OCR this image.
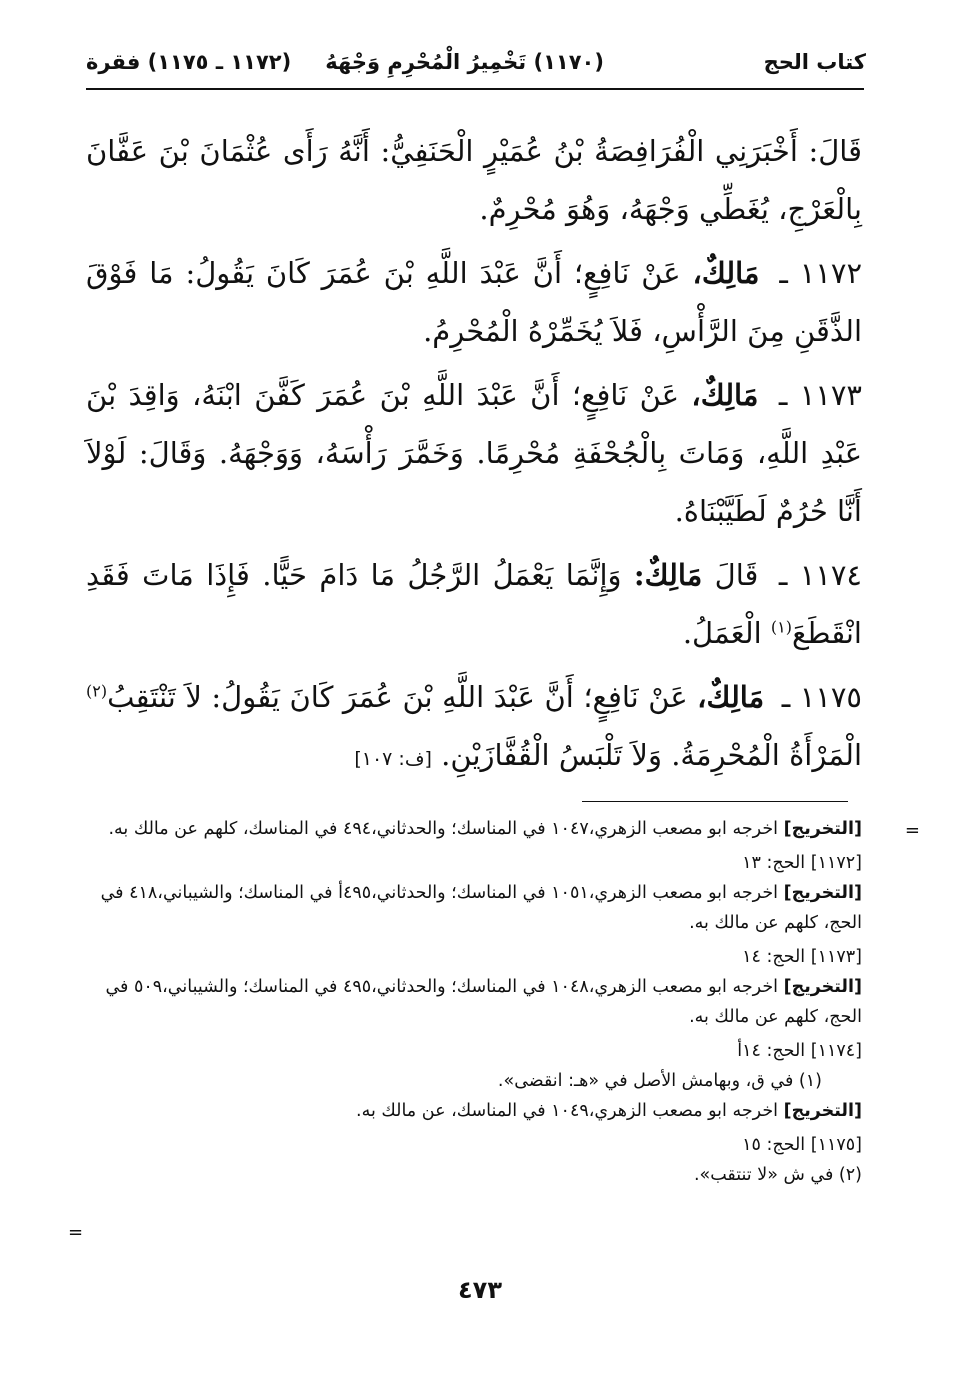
كتاب الحج
(١١٧٠) تَخْمِيرُ الْمُحْرِمِ وَجْهَهُ
(١١٧٢ ـ ١١٧٥) فقرة

قَالَ: أَخْبَرَنِي الْفُرَافِصَةُ بْنُ عُمَيْرٍ الْحَنَفِيُّ: أَنَّهُ رَأَى عُثْمَانَ بْنَ عَفَّانَ بِالْعَرْجِ، يُغَطِّي وَجْهَهُ، وَهُوَ مُحْرِمٌ.

١١٧٢ ـ مَالِكٌ، عَنْ نَافِعٍ؛ أَنَّ عَبْدَ اللَّهِ بْنَ عُمَرَ كَانَ يَقُولُ: مَا فَوْقَ الذَّقَنِ مِنَ الرَّأْسِ، فَلاَ يُخَمِّرْهُ الْمُحْرِمُ.

١١٧٣ ـ مَالِكٌ، عَنْ نَافِعٍ؛ أَنَّ عَبْدَ اللَّهِ بْنَ عُمَرَ كَفَّنَ ابْنَهُ، وَاقِدَ بْنَ عَبْدِ اللَّهِ، وَمَاتَ بِالْجُحْفَةِ مُحْرِمًا. وَخَمَّرَ رَأْسَهُ، وَوَجْهَهُ. وَقَالَ: لَوْلاَ أَنَّا حُرُمٌ لَطَيَّبْنَاهُ.

١١٧٤ ـ قَالَ مَالِكٌ: وَإِنَّمَا يَعْمَلُ الرَّجُلُ مَا دَامَ حَيًّا. فَإِذَا مَاتَ فَقَدِ انْقَطَعَ$^{(١)}$ الْعَمَلُ.

١١٧٥ ـ مَالِكٌ، عَنْ نَافِعٍ؛ أَنَّ عَبْدَ اللَّهِ بْنَ عُمَرَ كَانَ يَقُولُ: لاَ تَنْتَقِبُ$^{(٢)}$ الْمَرْأَةُ الْمُحْرِمَةُ. وَلاَ تَلْبَسُ الْقُفَّازَيْنِ. [ف: ١٠٧]

=
[التخريج] اخرجه ابو مصعب الزهري،١٠٤٧ في المناسك؛ والحدثاني،٤٩٤ في المناسك، كلهم عن مالك به.
[١١٧٢] الحج: ١٣
[التخريج] اخرجه ابو مصعب الزهري،١٠٥١ في المناسك؛ والحدثاني،٤٩٥أ في المناسك؛ والشيباني،٤١٨ في الحج، كلهم عن مالك به.
[١١٧٣] الحج: ١٤
[التخريج] اخرجه ابو مصعب الزهري،١٠٤٨ في المناسك؛ والحدثاني،٤٩٥ في المناسك؛ والشيباني،٥٠٩ في الحج، كلهم عن مالك به.
[١١٧٤] الحج: ١٤أ
(١) في ق، وبهامش الأصل في «هـ: انقضى».
[التخريج] اخرجه ابو مصعب الزهري،١٠٤٩ في المناسك، عن مالك به.
[١١٧٥] الحج: ١٥
(٢) في ش «لا تنتقب».
=
٤٧٣
